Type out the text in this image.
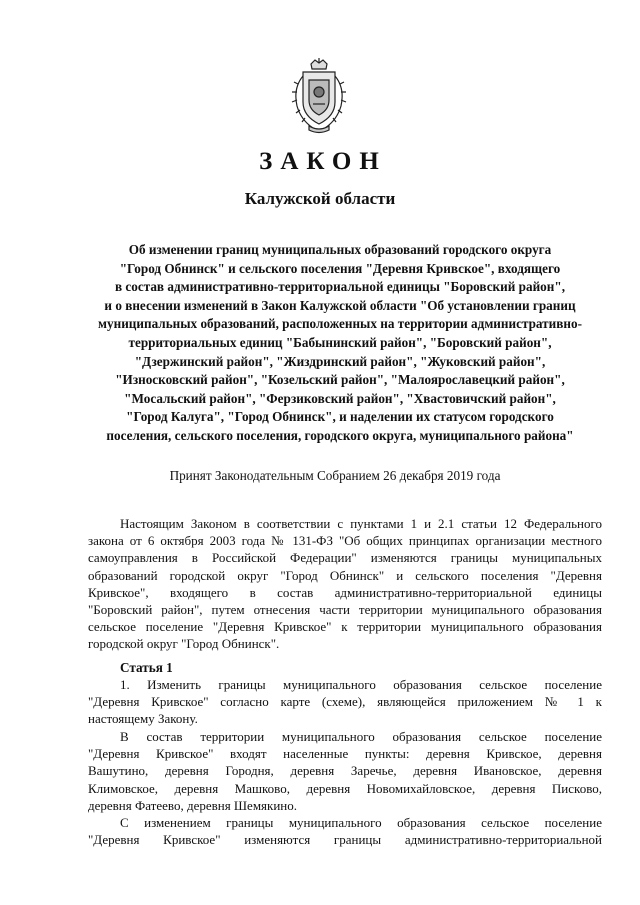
ЗАКОН
Калужской области
Об изменении границ муниципальных образований городского округа
"Город Обнинск" и сельского поселения "Деревня Кривское", входящего
в состав административно-территориальной единицы "Боровский район",
и о внесении изменений в Закон Калужской области "Об установлении границ
муниципальных образований, расположенных на территории административно-
территориальных единиц "Бабынинский район", "Боровский район",
"Дзержинский район", "Жиздринский район", "Жуковский район",
"Износковский район", "Козельский район", "Малоярославецкий район",
"Мосальский район", "Ферзиковский район", "Хвастовичский район",
"Город Калуга", "Город Обнинск", и наделении их статусом городского
поселения, сельского поселения, городского округа, муниципального района"
Принят Законодательным Собранием 26 декабря 2019 года
Настоящим Законом в соответствии с пунктами 1 и 2.1 статьи 12 Федерального
закона от 6 октября 2003 года № 131-ФЗ "Об общих принципах организации местного
самоуправления в Российской Федерации" изменяются границы муниципальных
образований городской округ "Город Обнинск" и сельского поселения "Деревня
Кривское", входящего в состав административно-территориальной единицы
"Боровский район", путем отнесения части территории муниципального образования
сельское поселение "Деревня Кривское" к территории муниципального образования
городской округ "Город Обнинск".
Статья 1
1. Изменить границы муниципального образования сельское поселение
"Деревня Кривское" согласно карте (схеме), являющейся приложением № 1 к
настоящему Закону.
В состав территории муниципального образования сельское поселение
"Деревня Кривское" входят населенные пункты: деревня Кривское, деревня
Вашутино, деревня Городня, деревня Заречье, деревня Ивановское, деревня
Климовское, деревня Машково, деревня Новомихайловское, деревня Писково,
деревня Фатеево, деревня Шемякино.
С изменением границы муниципального образования сельское поселение
"Деревня Кривское" изменяются границы административно-территориальной
